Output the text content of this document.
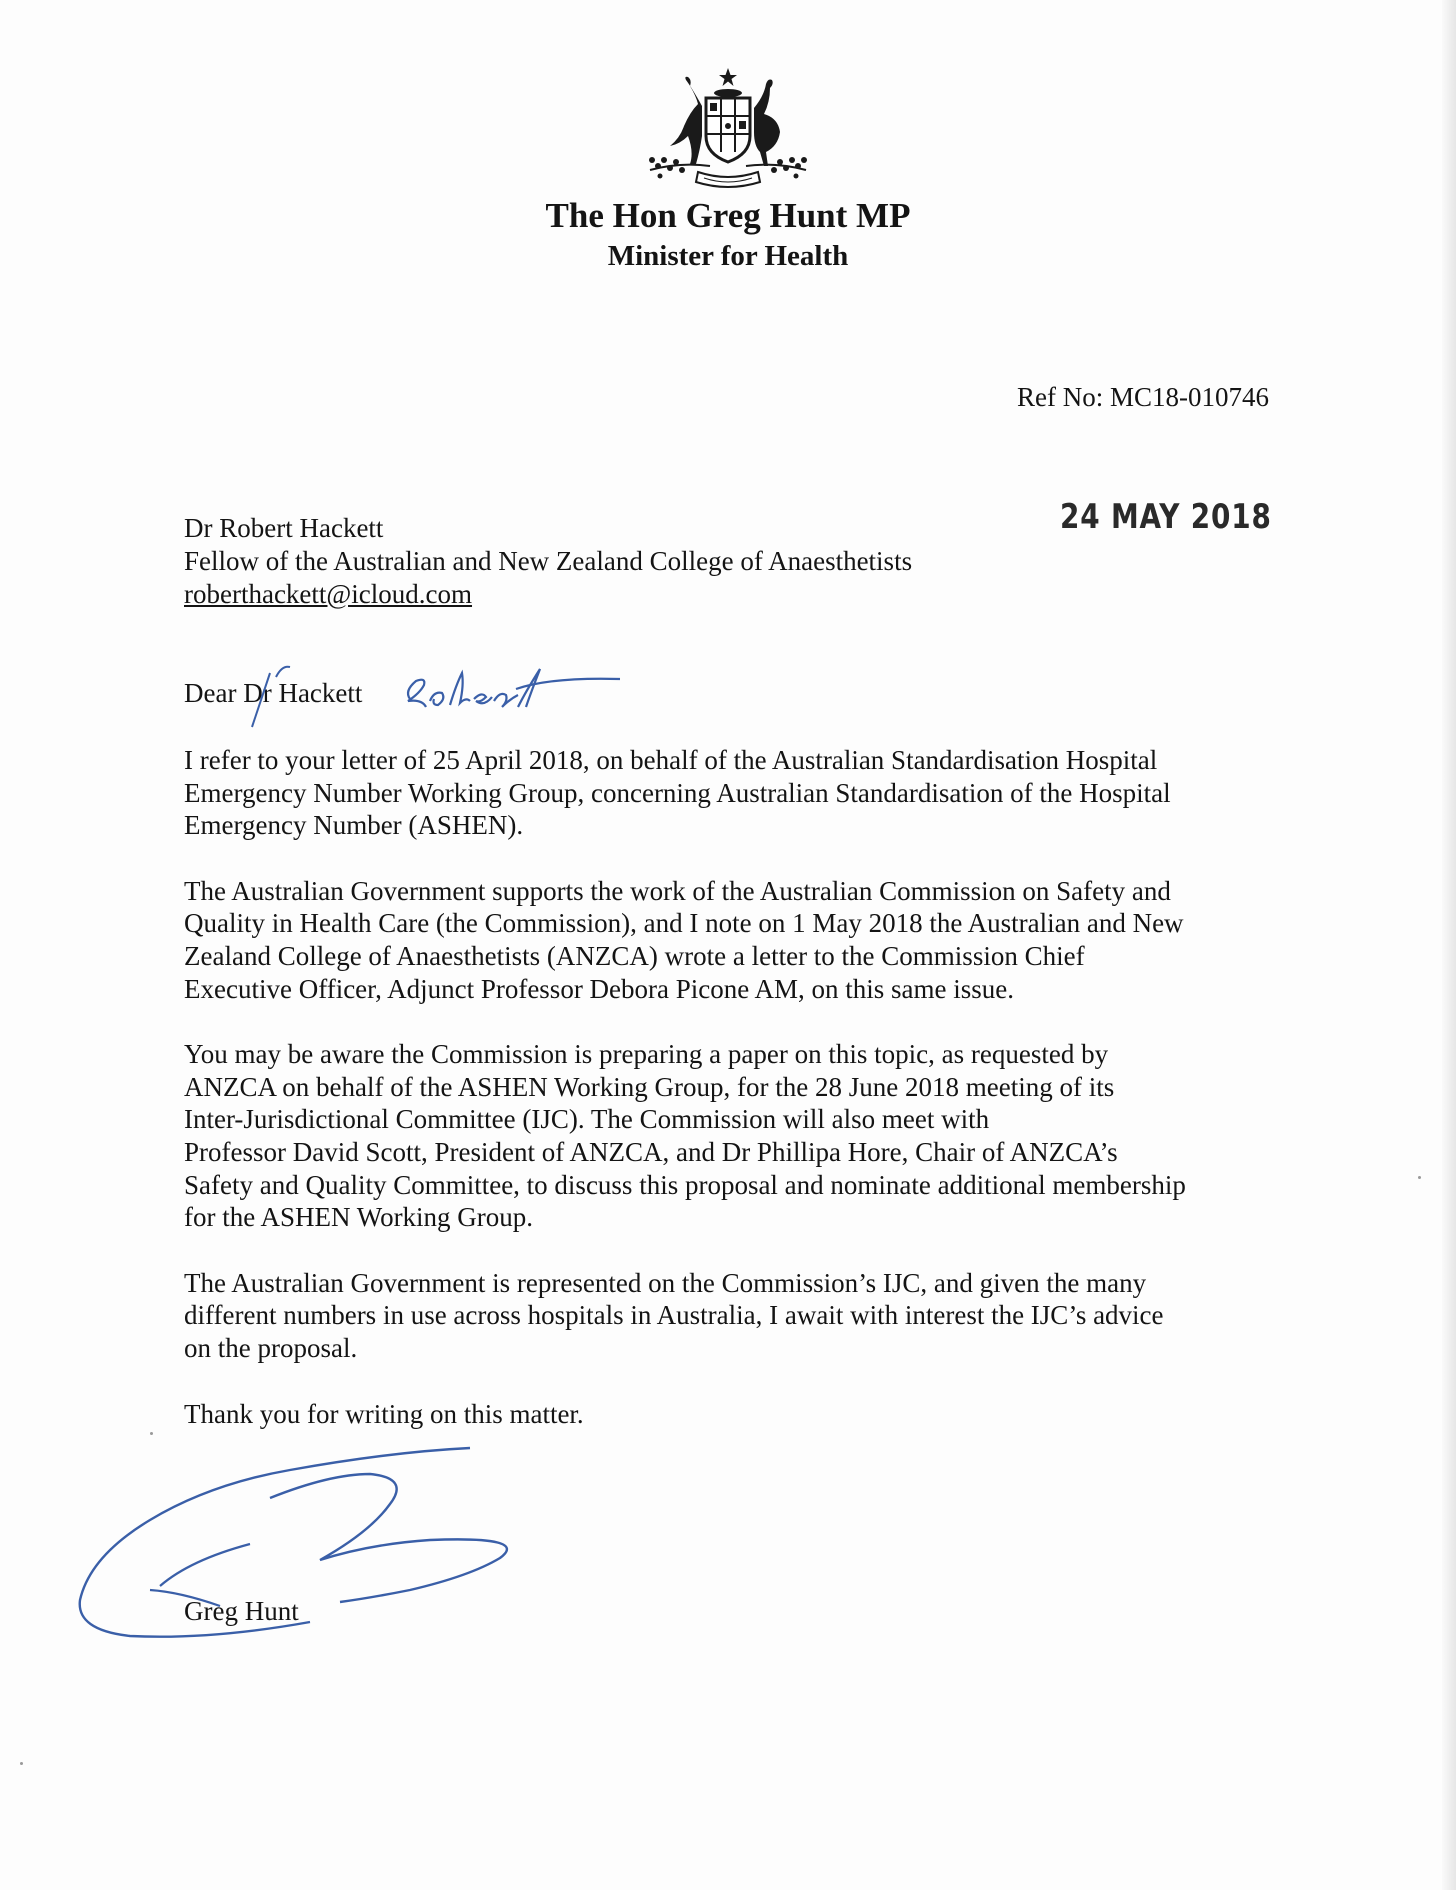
The Hon Greg Hunt MP
Minister for Health
Ref No: MC18-010746
24 MAY 2018
Dr Robert Hackett
Fellow of the Australian and New Zealand College of Anaesthetists
roberthackett@icloud.com
Dear Dr Hackett

I refer to your letter of 25 April 2018, on behalf of the Australian Standardisation Hospital
Emergency Number Working Group, concerning Australian Standardisation of the Hospital
Emergency Number (ASHEN).

The Australian Government supports the work of the Australian Commission on Safety and
Quality in Health Care (the Commission), and I note on 1 May 2018 the Australian and New
Zealand College of Anaesthetists (ANZCA) wrote a letter to the Commission Chief
Executive Officer, Adjunct Professor Debora Picone AM, on this same issue.

You may be aware the Commission is preparing a paper on this topic, as requested by
ANZCA on behalf of the ASHEN Working Group, for the 28 June 2018 meeting of its
Inter-Jurisdictional Committee (IJC). The Commission will also meet with
Professor David Scott, President of ANZCA, and Dr Phillipa Hore, Chair of ANZCA’s
Safety and Quality Committee, to discuss this proposal and nominate additional membership
for the ASHEN Working Group.

The Australian Government is represented on the Commission’s IJC, and given the many
different numbers in use across hospitals in Australia, I await with interest the IJC’s advice
on the proposal.

Thank you for writing on this matter.

Greg Hunt
